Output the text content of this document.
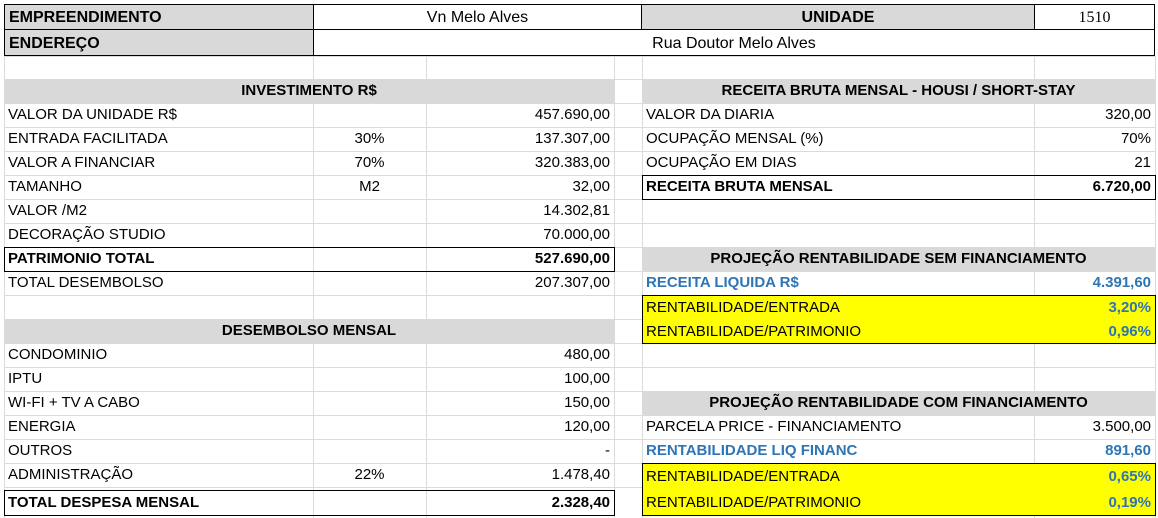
EMPREENDIMENTO	Vn Melo Alves	UNIDADE	1510
ENDEREÇO	Rua Doutor Melo Alves
INVESTIMENTO R$
VALOR DA UNIDADE R$	457.690,00
ENTRADA FACILITADA	30%	137.307,00
VALOR A FINANCIAR	70%	320.383,00
TAMANHO	M2	32,00
VALOR /M2	14.302,81
DECORAÇÃO STUDIO	70.000,00
PATRIMONIO TOTAL	527.690,00
TOTAL DESEMBOLSO	207.307,00
DESEMBOLSO MENSAL
CONDOMINIO	480,00
IPTU	100,00
WI-FI + TV A CABO	150,00
ENERGIA	120,00
OUTROS	-
ADMINISTRAÇÃO	22%	1.478,40
TOTAL DESPESA MENSAL	2.328,40
RECEITA BRUTA MENSAL - HOUSI / SHORT-STAY
VALOR DA DIARIA	320,00
OCUPAÇÃO MENSAL (%)	70%
OCUPAÇÃO EM DIAS	21
RECEITA BRUTA MENSAL	6.720,00
PROJEÇÃO RENTABILIDADE SEM FINANCIAMENTO
RECEITA LIQUIDA R$	4.391,60
RENTABILIDADE/ENTRADA	3,20%
RENTABILIDADE/PATRIMONIO	0,96%
PROJEÇÃO RENTABILIDADE COM FINANCIAMENTO
PARCELA PRICE - FINANCIAMENTO	3.500,00
RENTABILIDADE LIQ FINANC	891,60
RENTABILIDADE/ENTRADA	0,65%
RENTABILIDADE/PATRIMONIO	0,19%
